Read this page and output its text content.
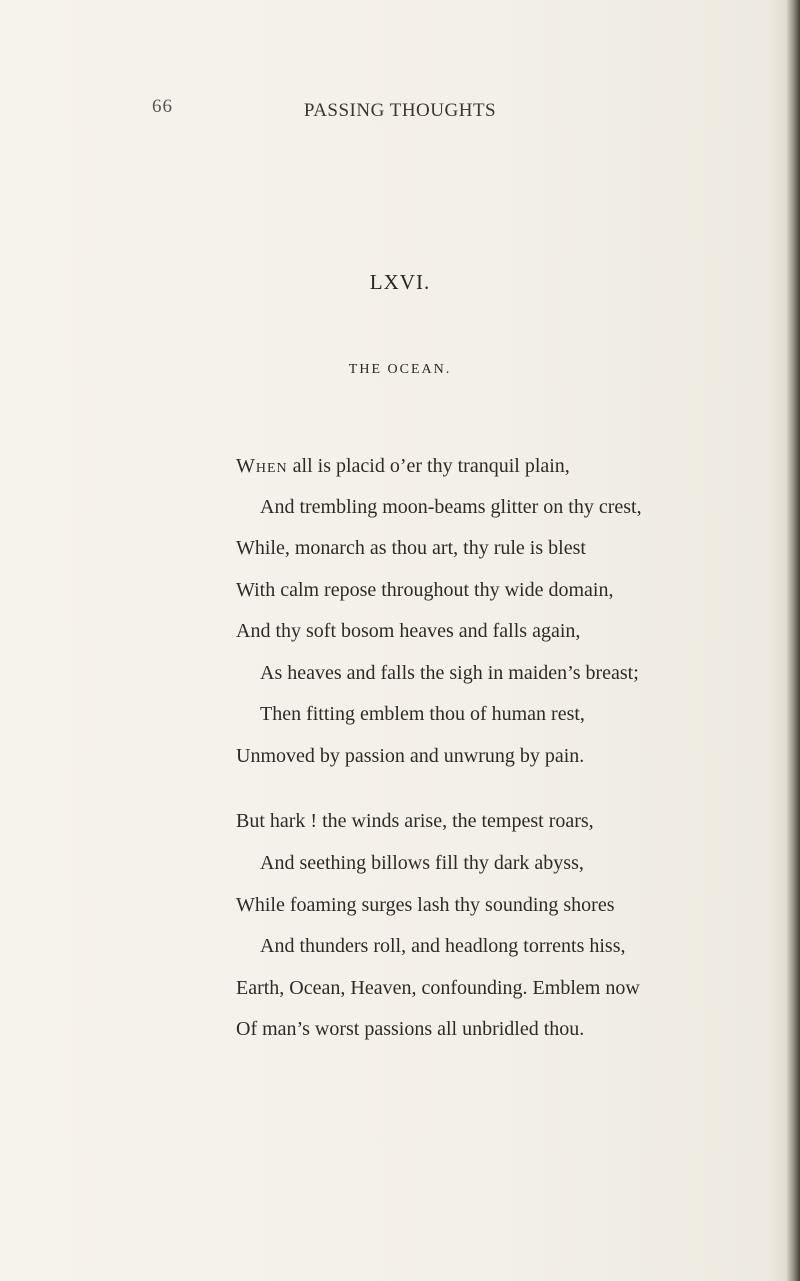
66	PASSING THOUGHTS
LXVI.
THE OCEAN.
When all is placid o’er thy tranquil plain,
And trembling moon-beams glitter on thy crest,
While, monarch as thou art, thy rule is blest
With calm repose throughout thy wide domain,
And thy soft bosom heaves and falls again,
As heaves and falls the sigh in maiden’s breast;
Then fitting emblem thou of human rest,
Unmoved by passion and unwrung by pain.
But hark ! the winds arise, the tempest roars,
And seething billows fill thy dark abyss,
While foaming surges lash thy sounding shores
And thunders roll, and headlong torrents hiss,
Earth, Ocean, Heaven, confounding. Emblem now
Of man’s worst passions all unbridled thou.
